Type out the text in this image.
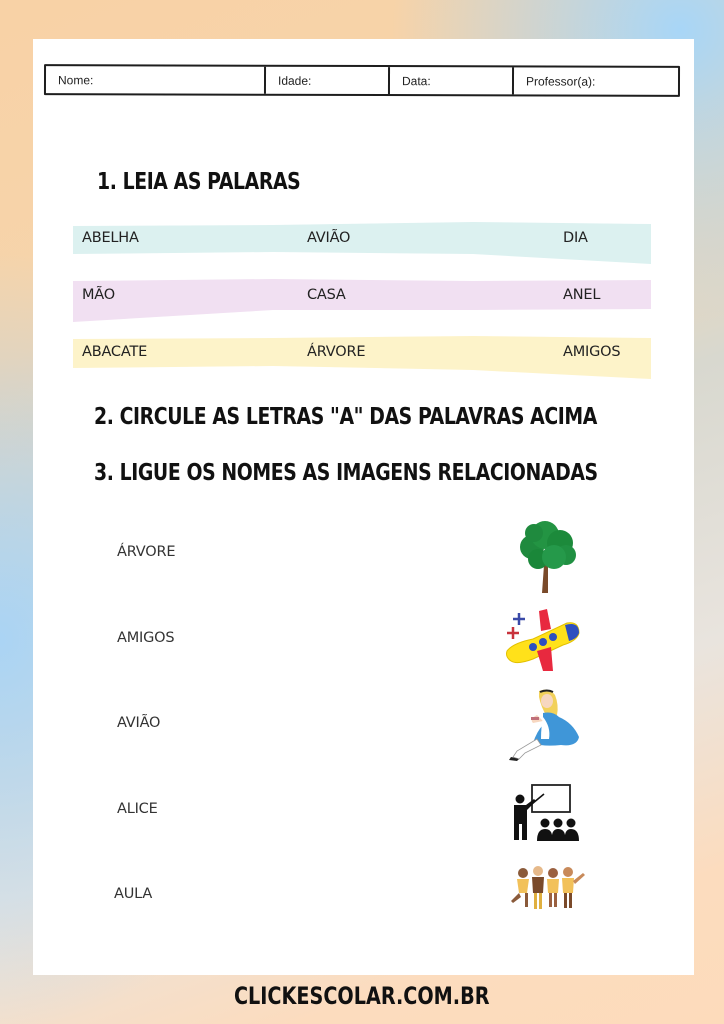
Nome:	Idade:	Data:	Professor(a):
1. LEIA AS PALARAS
ABELHA	AVIÃO	DIA
MÃO	CASA	ANEL
ABACATE	ÁRVORE	AMIGOS
2. CIRCULE AS LETRAS "A" DAS PALAVRAS ACIMA
3. LIGUE OS NOMES AS IMAGENS RELACIONADAS
ÁRVORE
AMIGOS
AVIÃO
ALICE
AULA
CLICKESCOLAR.COM.BR
